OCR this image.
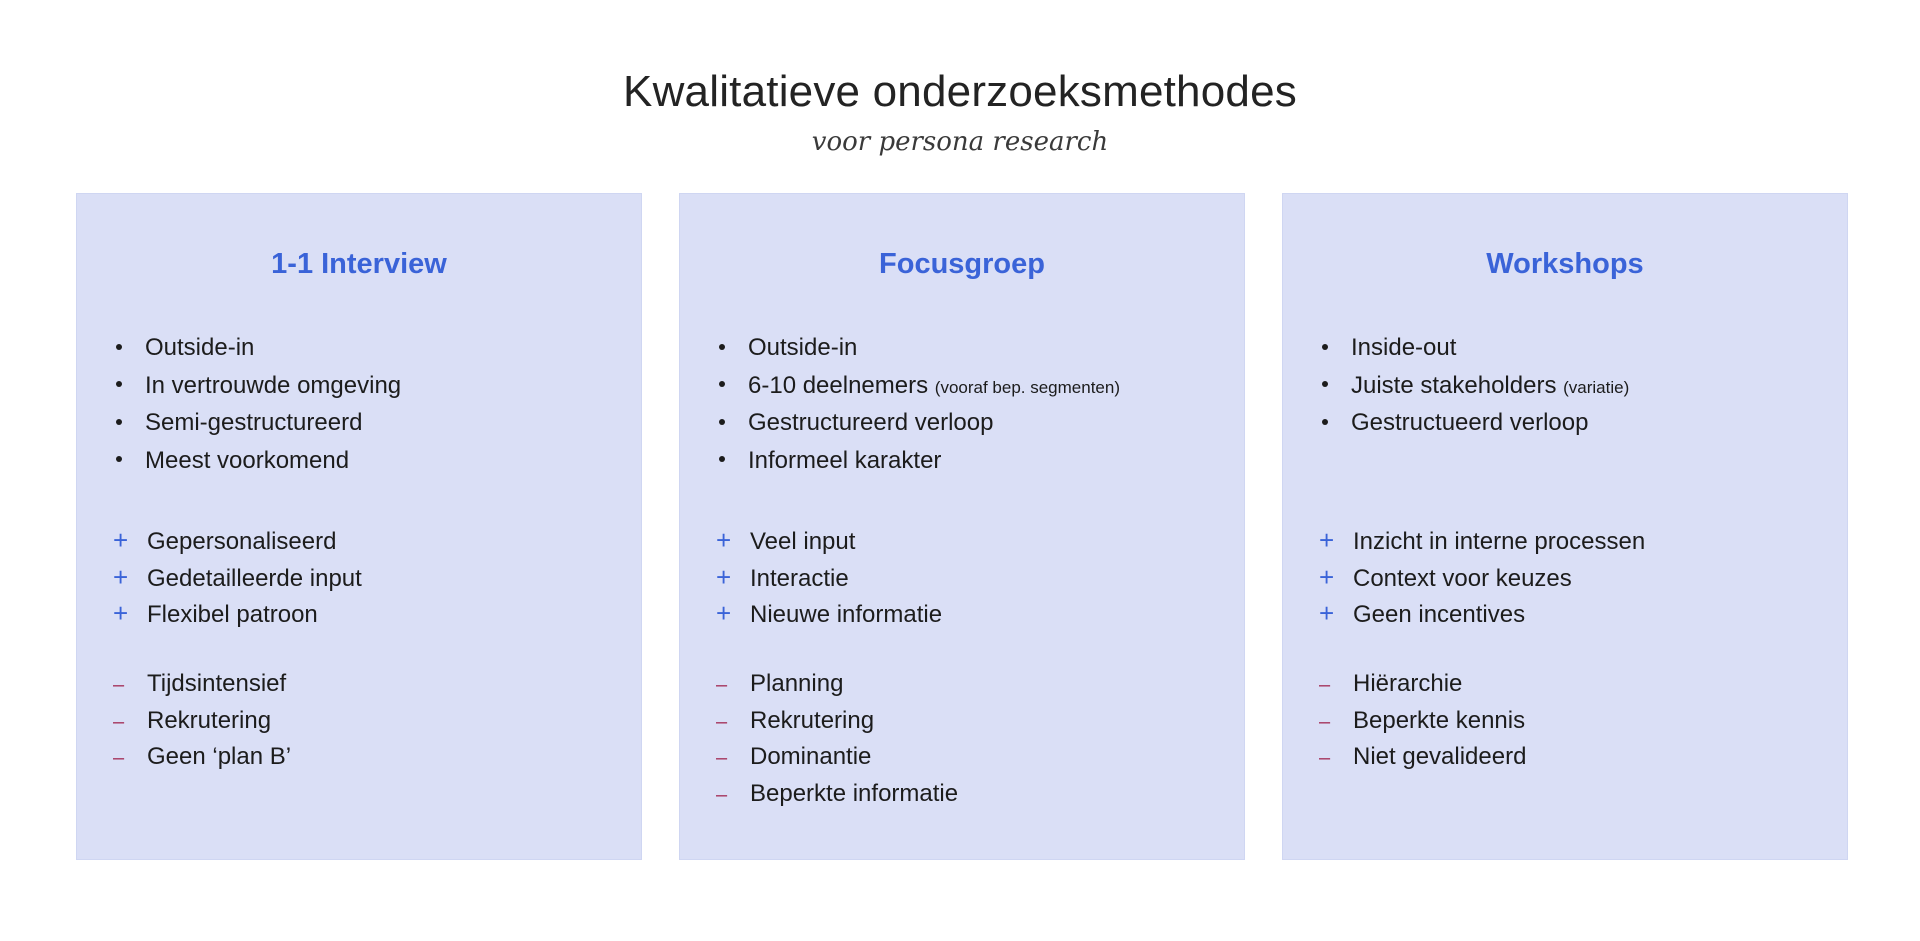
Kwalitatieve onderzoeksmethodes
voor persona research
1-1 Interview
Outside-in
In vertrouwde omgeving
Semi-gestructureerd
Meest voorkomend
+ Gepersonaliseerd
+ Gedetailleerde input
+ Flexibel patroon
– Tijdsintensief
– Rekrutering
– Geen ‘plan B’
Focusgroep
Outside-in
6-10 deelnemers (vooraf bep. segmenten)
Gestructureerd verloop
Informeel karakter
+ Veel input
+ Interactie
+ Nieuwe informatie
– Planning
– Rekrutering
– Dominantie
– Beperkte informatie
Workshops
Inside-out
Juiste stakeholders (variatie)
Gestructueerd verloop
+ Inzicht in interne processen
+ Context voor keuzes
+ Geen incentives
– Hiërarchie
– Beperkte kennis
– Niet gevalideerd
